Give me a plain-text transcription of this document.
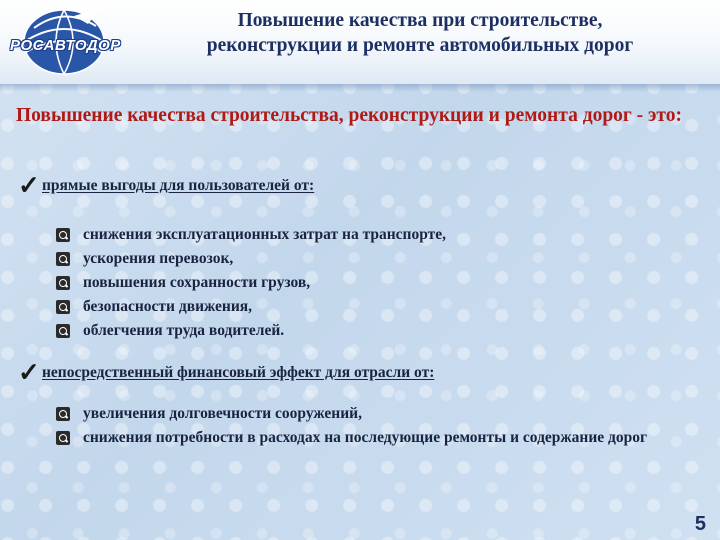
РОСАВТОДОР
Повышение качества при строительстве,
реконструкции и ремонте автомобильных дорог
Повышение качества строительства, реконструкции и ремонта дорог - это:
✓ прямые выгоды для пользователей от:
снижения эксплуатационных затрат на транспорте,
ускорения перевозок,
повышения сохранности грузов,
безопасности движения,
облегчения труда водителей.
✓ непосредственный финансовый эффект для отрасли от:
увеличения долговечности сооружений,
снижения потребности в расходах на последующие ремонты и содержание дорог
5
